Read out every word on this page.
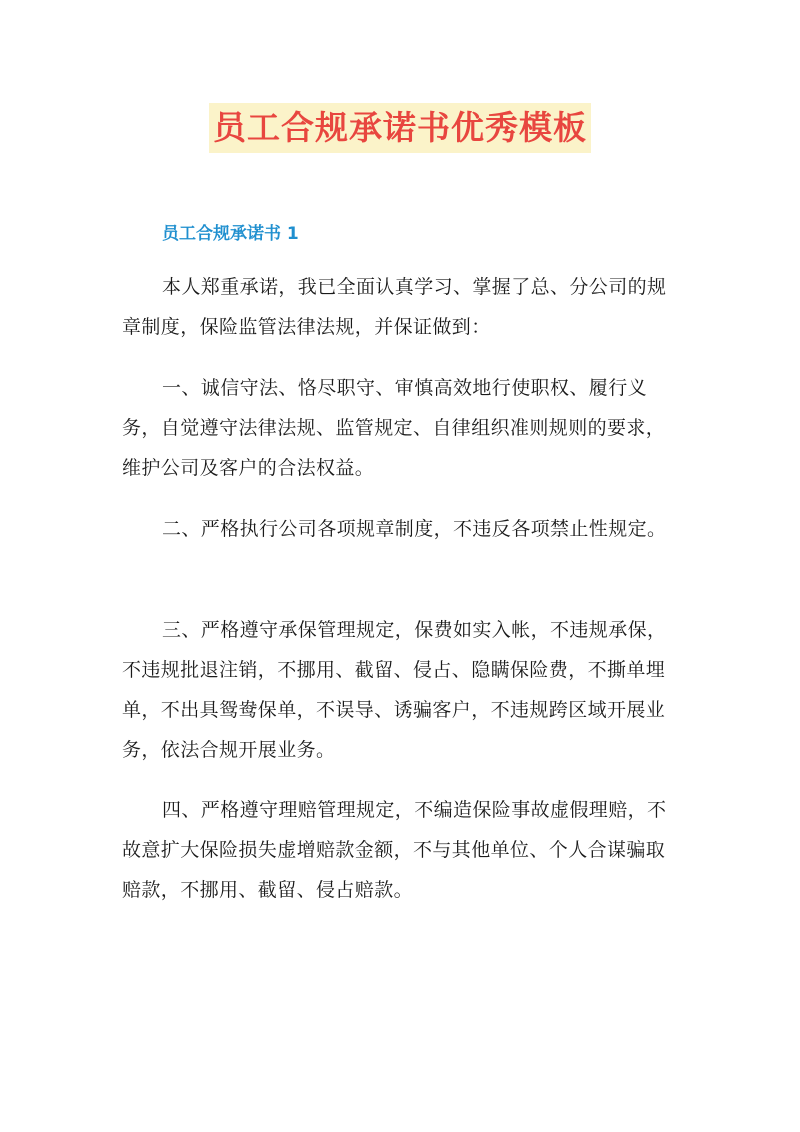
员工合规承诺书优秀模板
员工合规承诺书 1

本人郑重承诺，我已全面认真学习、掌握了总、分公司的规章制度，保险监管法律法规，并保证做到：

一、诚信守法、恪尽职守、审慎高效地行使职权、履行义务，自觉遵守法律法规、监管规定、自律组织准则规则的要求，维护公司及客户的合法权益。

二、严格执行公司各项规章制度，不违反各项禁止性规定。

三、严格遵守承保管理规定，保费如实入帐，不违规承保，不违规批退注销，不挪用、截留、侵占、隐瞒保险费，不撕单埋单，不出具鸳鸯保单，不误导、诱骗客户，不违规跨区域开展业务，依法合规开展业务。

四、严格遵守理赔管理规定，不编造保险事故虚假理赔，不故意扩大保险损失虚增赔款金额，不与其他单位、个人合谋骗取赔款，不挪用、截留、侵占赔款。
